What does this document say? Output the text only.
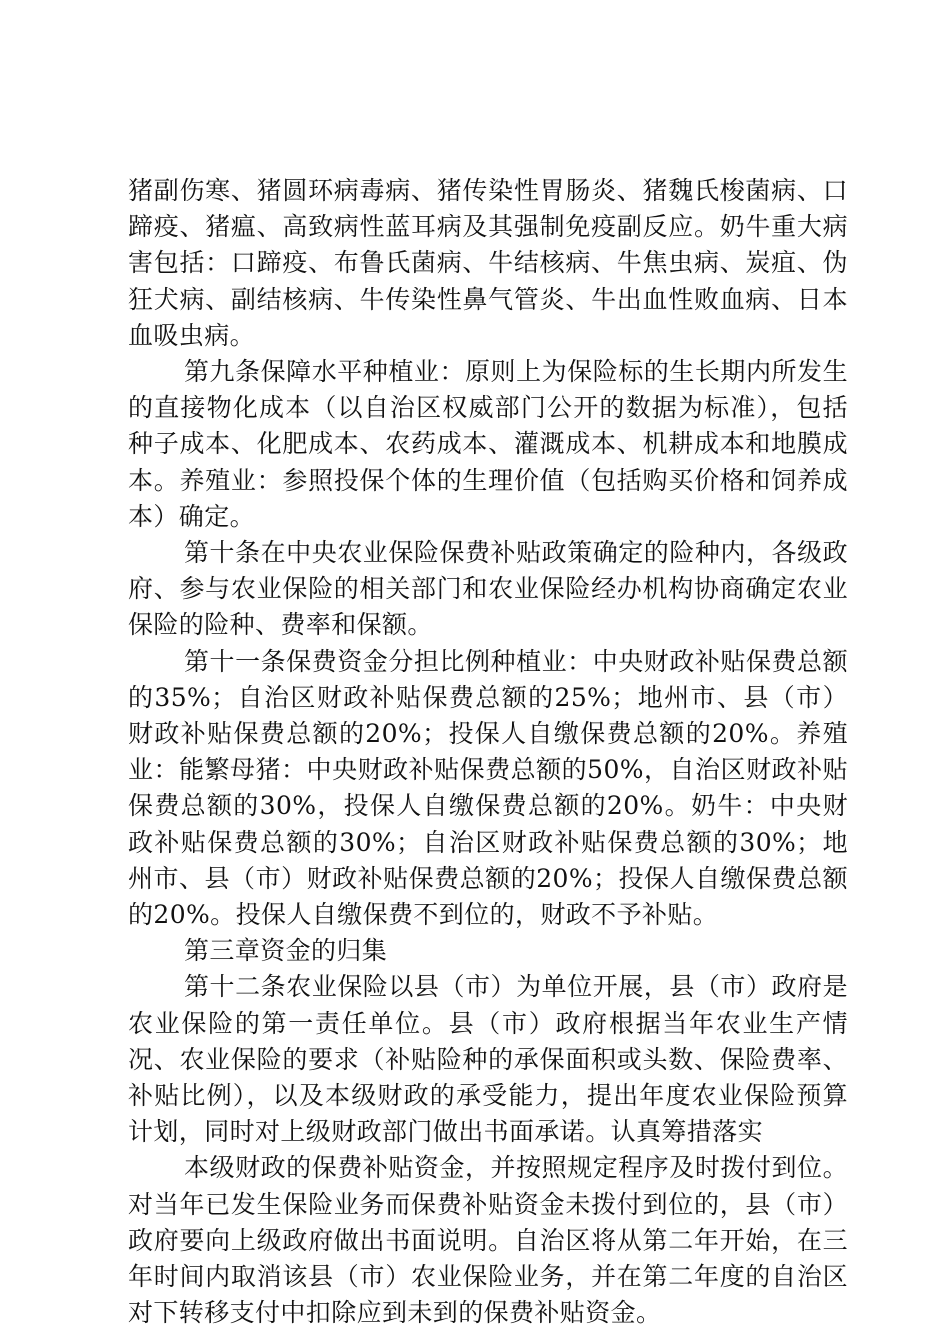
猪副伤寒、猪圆环病毒病、猪传染性胃肠炎、猪魏氏梭菌病、口蹄疫、猪瘟、高致病性蓝耳病及其强制免疫副反应。奶牛重大病害包括：口蹄疫、布鲁氏菌病、牛结核病、牛焦虫病、炭疽、伪狂犬病、副结核病、牛传染性鼻气管炎、牛出血性败血病、日本血吸虫病。

第九条保障水平种植业：原则上为保险标的生长期内所发生的直接物化成本（以自治区权威部门公开的数据为标准），包括种子成本、化肥成本、农药成本、灌溉成本、机耕成本和地膜成本。养殖业：参照投保个体的生理价值（包括购买价格和饲养成本）确定。

第十条在中央农业保险保费补贴政策确定的险种内，各级政府、参与农业保险的相关部门和农业保险经办机构协商确定农业保险的险种、费率和保额。

第十一条保费资金分担比例种植业：中央财政补贴保费总额的35%；自治区财政补贴保费总额的25%；地州市、县（市）财政补贴保费总额的20%；投保人自缴保费总额的20%。养殖业：能繁母猪：中央财政补贴保费总额的50%，自治区财政补贴保费总额的30%，投保人自缴保费总额的20%。奶牛：中央财政补贴保费总额的30%；自治区财政补贴保费总额的30%；地州市、县（市）财政补贴保费总额的20%；投保人自缴保费总额的20%。投保人自缴保费不到位的，财政不予补贴。

第三章资金的归集

第十二条农业保险以县（市）为单位开展，县（市）政府是农业保险的第一责任单位。县（市）政府根据当年农业生产情况、农业保险的要求（补贴险种的承保面积或头数、保险费率、补贴比例），以及本级财政的承受能力，提出年度农业保险预算计划，同时对上级财政部门做出书面承诺。认真筹措落实

本级财政的保费补贴资金，并按照规定程序及时拨付到位。对当年已发生保险业务而保费补贴资金未拨付到位的，县（市）政府要向上级政府做出书面说明。自治区将从第二年开始，在三年时间内取消该县（市）农业保险业务，并在第二年度的自治区对下转移支付中扣除应到未到的保费补贴资金。
